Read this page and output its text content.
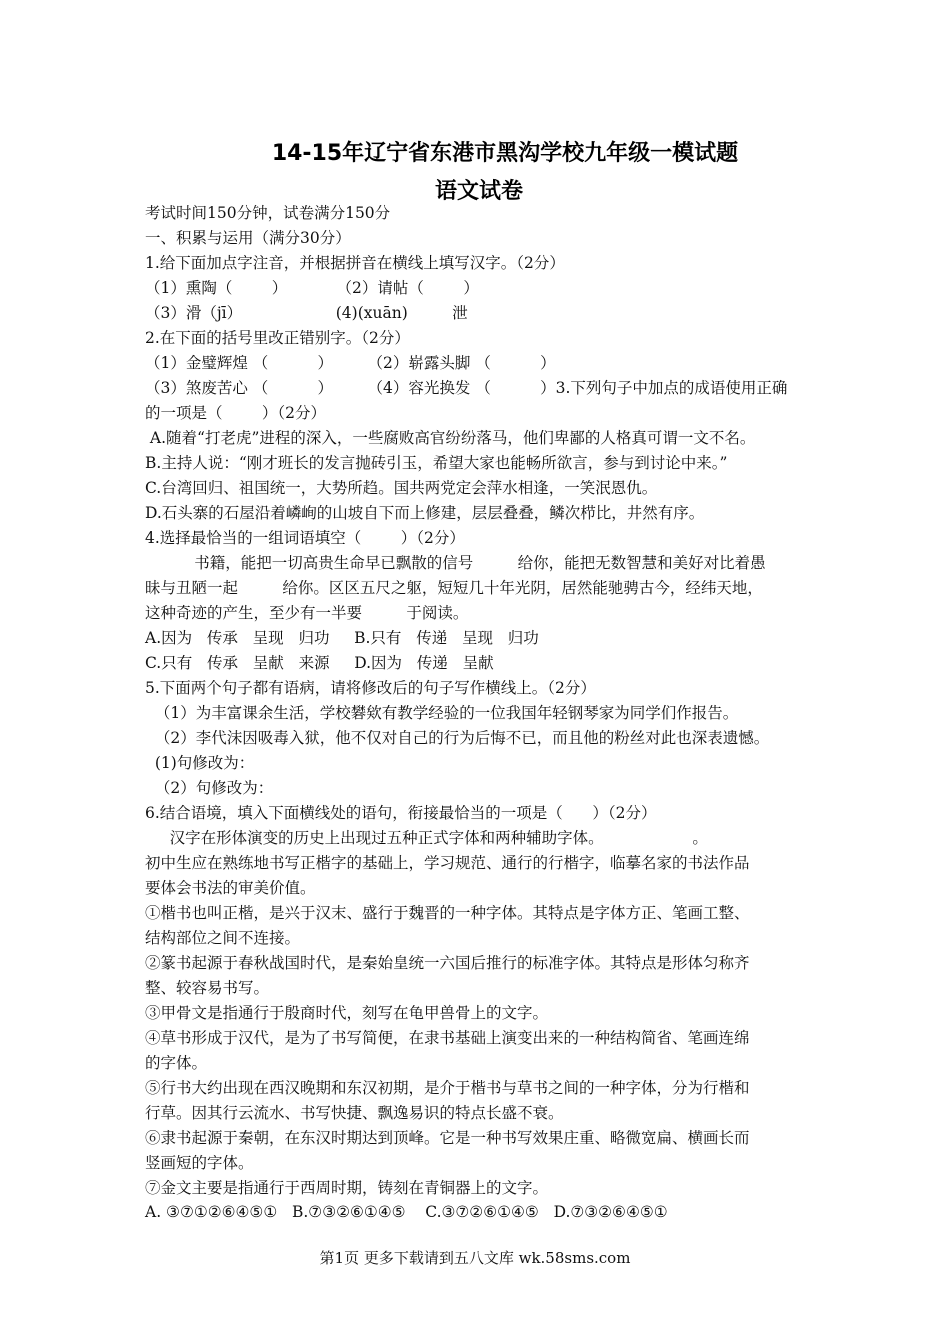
14-15年辽宁省东港市黑沟学校九年级一模试题
语文试卷
考试时间150分钟，试卷满分150分
一、积累与运用（满分30分）
1.给下面加点字注音，并根据拼音在横线上填写汉字。（2分）
（1）熏陶（        ）          （2）请帖（        ）
（3）滑（jī）                   (4)(xuān)         泄
2.在下面的括号里改正错别字。（2分）
（1）金璧辉煌 （          ）       （2）崭露头脚 （          ）
（3）煞废苦心 （          ）       （4）容光换发 （          ）3.下列句子中加点的成语使用正确
的一项是（        ）（2分）
A.随着“打老虎”进程的深入，一些腐败高官纷纷落马，他们卑鄙的人格真可谓一文不名。
B.主持人说：“刚才班长的发言抛砖引玉，希望大家也能畅所欲言，参与到讨论中来。”
C.台湾回归、祖国统一，大势所趋。国共两党定会萍水相逢，一笑泯恩仇。
D.石头寨的石屋沿着嶙峋的山坡自下而上修建，层层叠叠，鳞次栉比，井然有序。
4.选择最恰当的一组词语填空（        ）（2分）
书籍，能把一切高贵生命早已飘散的信号         给你，能把无数智慧和美好对比着愚
昧与丑陋一起         给你。区区五尺之躯，短短几十年光阴，居然能驰骋古今，经纬天地，
这种奇迹的产生，至少有一半要         于阅读。
A.因为   传承   呈现   归功     B.只有   传递   呈现   归功
C.只有   传承   呈献   来源     D.因为   传递   呈献
5.下面两个句子都有语病，请将修改后的句子写作横线上。（2分）
（1）为丰富课余生活，学校礬欸有教学经验的一位我国年轻钢琴家为同学们作报告。
（2）李代沫因吸毒入狱，他不仅对自己的行为后悔不已，而且他的粉丝对此也深表遗憾。
(1)句修改为：
（2）句修改为：
6.结合语境，填入下面横线处的语句，衔接最恰当的一项是（      ）（2分）
汉字在形体演变的历史上出现过五种正式字体和两种辅助字体。                  。
初中生应在熟练地书写正楷字的基础上，学习规范、通行的行楷字，临摹名家的书法作品
要体会书法的审美价值。
①楷书也叫正楷，是兴于汉末、盛行于魏晋的一种字体。其特点是字体方正、笔画工整、
结构部位之间不连接。
②篆书起源于春秋战国时代，是秦始皇统一六国后推行的标准字体。其特点是形体匀称齐
整、较容易书写。
③甲骨文是指通行于殷商时代，刻写在龟甲兽骨上的文字。
④草书形成于汉代，是为了书写简便，在隶书基础上演变出来的一种结构简省、笔画连绵
的字体。
⑤行书大约出现在西汉晚期和东汉初期，是介于楷书与草书之间的一种字体，分为行楷和
行草。因其行云流水、书写快捷、飘逸易识的特点长盛不衰。
⑥隶书起源于秦朝，在东汉时期达到顶峰。它是一种书写效果庄重、略微宽扁、横画长而
竖画短的字体。
⑦金文主要是指通行于西周时期，铸刻在青铜器上的文字。
A. ③⑦①②⑥④⑤①   B.⑦③②⑥①④⑤    C.③⑦②⑥①④⑤   D.⑦③②⑥④⑤①
第1页 更多下载请到五八文库 wk.58sms.com
